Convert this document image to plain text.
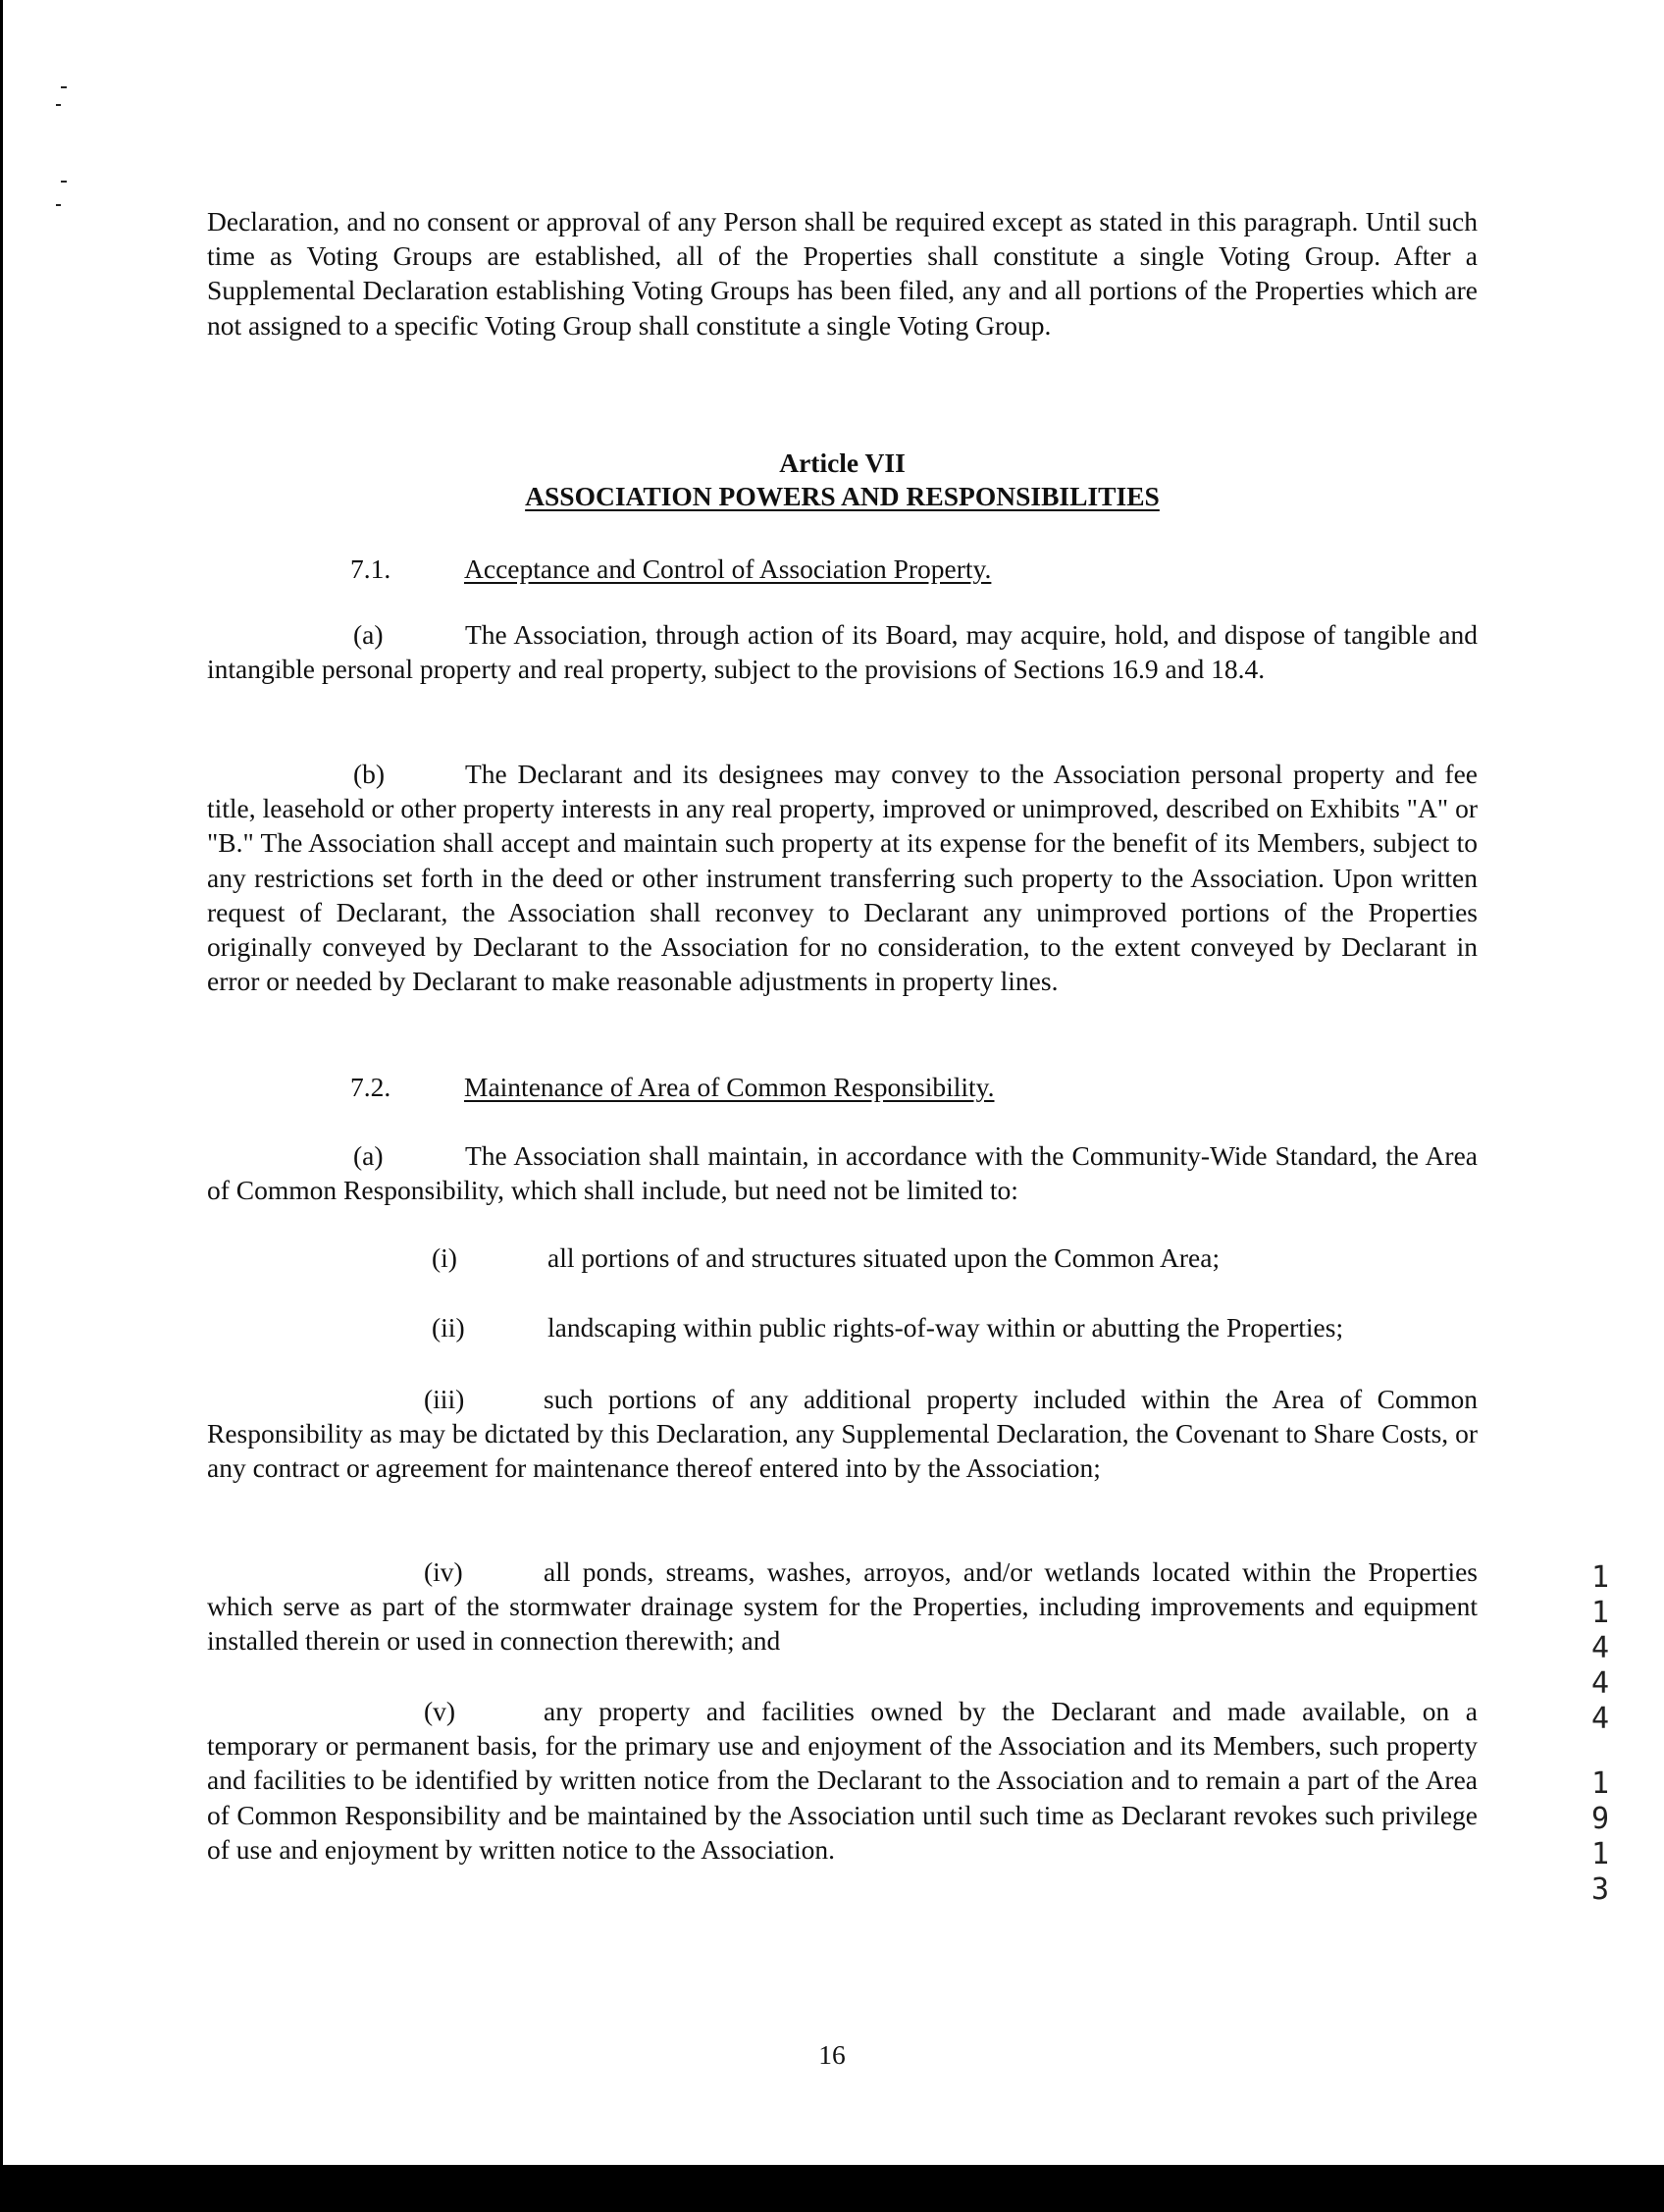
Declaration, and no consent or approval of any Person shall be required except as stated in this paragraph. Until such time as Voting Groups are established, all of the Properties shall constitute a single Voting Group. After a Supplemental Declaration establishing Voting Groups has been filed, any and all portions of the Properties which are not assigned to a specific Voting Group shall constitute a single Voting Group.

Article VII
ASSOCIATION POWERS AND RESPONSIBILITIES
7.1.	Acceptance and Control of Association Property.

(a)	The Association, through action of its Board, may acquire, hold, and dispose of tangible and intangible personal property and real property, subject to the provisions of Sections 16.9 and 18.4.

(b)	The Declarant and its designees may convey to the Association personal property and fee title, leasehold or other property interests in any real property, improved or unimproved, described on Exhibits "A" or "B." The Association shall accept and maintain such property at its expense for the benefit of its Members, subject to any restrictions set forth in the deed or other instrument transferring such property to the Association. Upon written request of Declarant, the Association shall reconvey to Declarant any unimproved portions of the Properties originally conveyed by Declarant to the Association for no consideration, to the extent conveyed by Declarant in error or needed by Declarant to make reasonable adjustments in property lines.

7.2.	Maintenance of Area of Common Responsibility.

(a)	The Association shall maintain, in accordance with the Community-Wide Standard, the Area of Common Responsibility, which shall include, but need not be limited to:

(i)	all portions of and structures situated upon the Common Area;
(ii)	landscaping within public rights-of-way within or abutting the Properties;

(iii)	such portions of any additional property included within the Area of Common Responsibility as may be dictated by this Declaration, any Supplemental Declaration, the Covenant to Share Costs, or any contract or agreement for maintenance thereof entered into by the Association;

(iv)	all ponds, streams, washes, arroyos, and/or wetlands located within the Properties which serve as part of the stormwater drainage system for the Properties, including improvements and equipment installed therein or used in connection therewith; and

(v)	any property and facilities owned by the Declarant and made available, on a temporary or permanent basis, for the primary use and enjoyment of the Association and its Members, such property and facilities to be identified by written notice from the Declarant to the Association and to remain a part of the Area of Common Responsibility and be maintained by the Association until such time as Declarant revokes such privilege of use and enjoyment by written notice to the Association.

1
1
4
4
4
1
9
1
3
16
